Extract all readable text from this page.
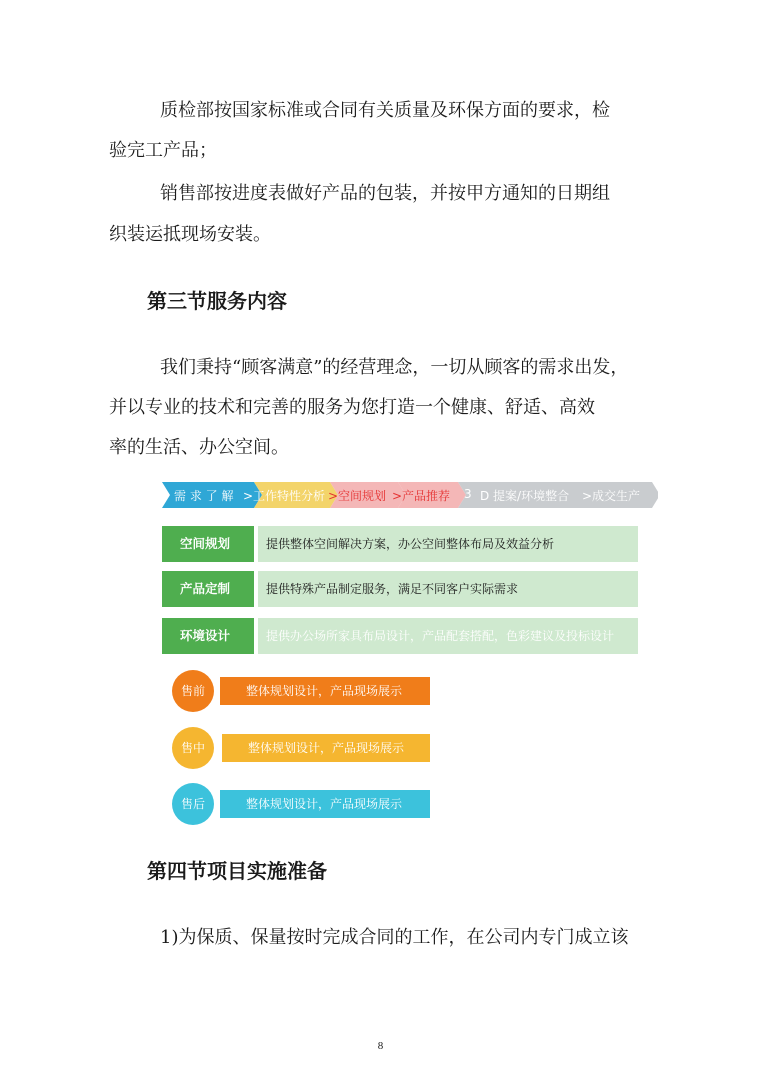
质检部按国家标准或合同有关质量及环保方面的要求，检
验完工产品；
销售部按进度表做好产品的包装，并按甲方通知的日期组
织装运抵现场安装。
第三节服务内容
我们秉持“顾客满意”的经营理念，一切从顾客的需求出发，
并以专业的技术和完善的服务为您打造一个健康、舒适、高效
率的生活、办公空间。
需 求 了 解 >工作特性分析 >空间规划 >产品推荐 3 D 提案/环境整合 >成交生产
空间规划	提供整体空间解决方案，办公空间整体布局及效益分析
产品定制	提供特殊产品制定服务，满足不同客户实际需求
环境设计	提供办公场所家具布局设计，产品配套搭配，色彩建议及投标设计
整体规划设计，产品现场展示
售前
整体规划设计，产品现场展示
售中
整体规划设计，产品现场展示
售后
第四节项目实施准备
1)为保质、保量按时完成合同的工作，在公司内专门成立该
8
